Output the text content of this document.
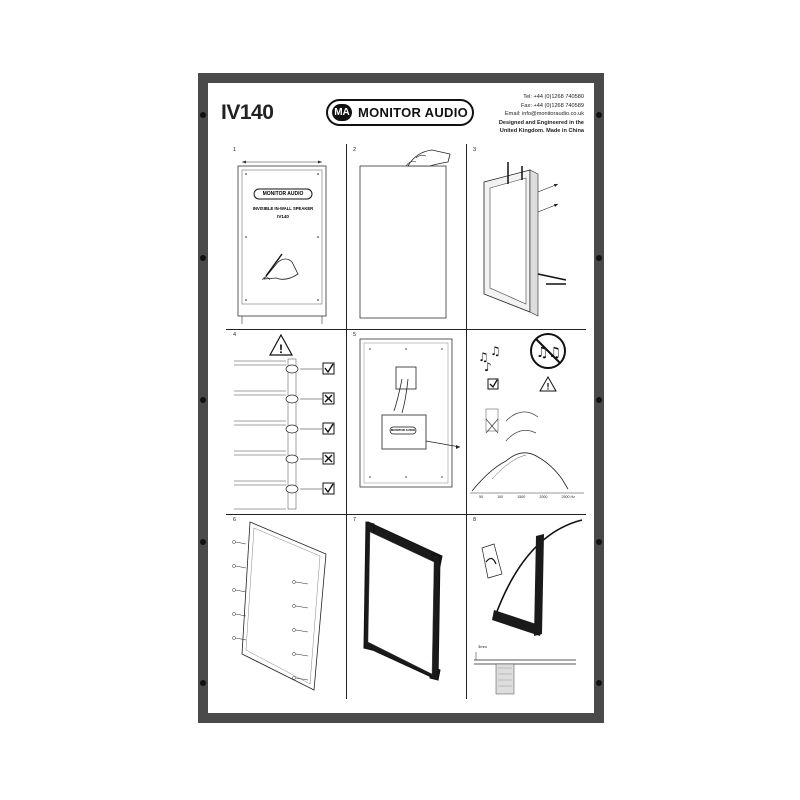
IV140	MA MONITOR AUDIO
Tel: +44 (0)1268 740580
Fax: +44 (0)1268 740589
Email: info@monitoraudio.co.uk
Designed and Engineered in the
United Kingdom. Made in China
1
MONITOR AUDIO
INVISIBLE IN-WALL SPEAKER
IV140
2	3
4
!
5
MONITOR AUDIO
♫ ♫
♪
♫♫
!
50	100	1500	2000	2500 Hz
6	7	8
3mm
